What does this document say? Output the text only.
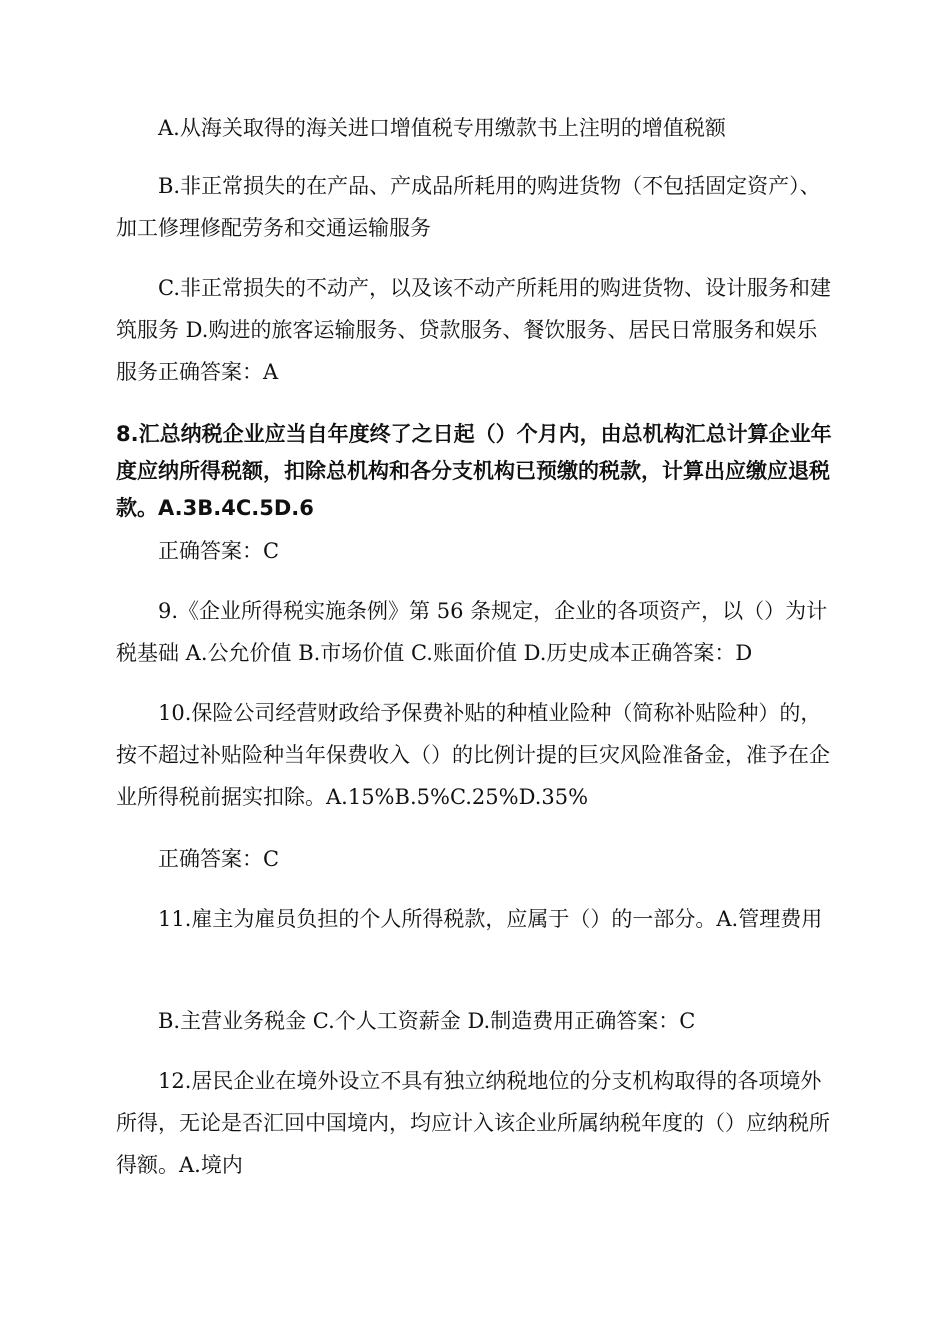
A.从海关取得的海关进口增值税专用缴款书上注明的增值税额

B.非正常损失的在产品、产成品所耗用的购进货物（不包括固定资产）、加工修理修配劳务和交通运输服务

C.非正常损失的不动产，以及该不动产所耗用的购进货物、设计服务和建筑服务 D.购进的旅客运输服务、贷款服务、餐饮服务、居民日常服务和娱乐服务正确答案：A

8.汇总纳税企业应当自年度终了之日起（）个月内，由总机构汇总计算企业年度应纳所得税额，扣除总机构和各分支机构已预缴的税款，计算出应缴应退税款。A.3B.4C.5D.6

正确答案：C

9.《企业所得税实施条例》第 56 条规定，企业的各项资产，以（）为计税基础 A.公允价值 B.市场价值 C.账面价值 D.历史成本正确答案：D

10.保险公司经营财政给予保费补贴的种植业险种（简称补贴险种）的，按不超过补贴险种当年保费收入（）的比例计提的巨灾风险准备金，准予在企业所得税前据实扣除。A.15%B.5%C.25%D.35%

正确答案：C

11.雇主为雇员负担的个人所得税款，应属于（）的一部分。A.管理费用

B.主营业务税金 C.个人工资薪金 D.制造费用正确答案：C

12.居民企业在境外设立不具有独立纳税地位的分支机构取得的各项境外所得，无论是否汇回中国境内，均应计入该企业所属纳税年度的（）应纳税所得额。A.境内
